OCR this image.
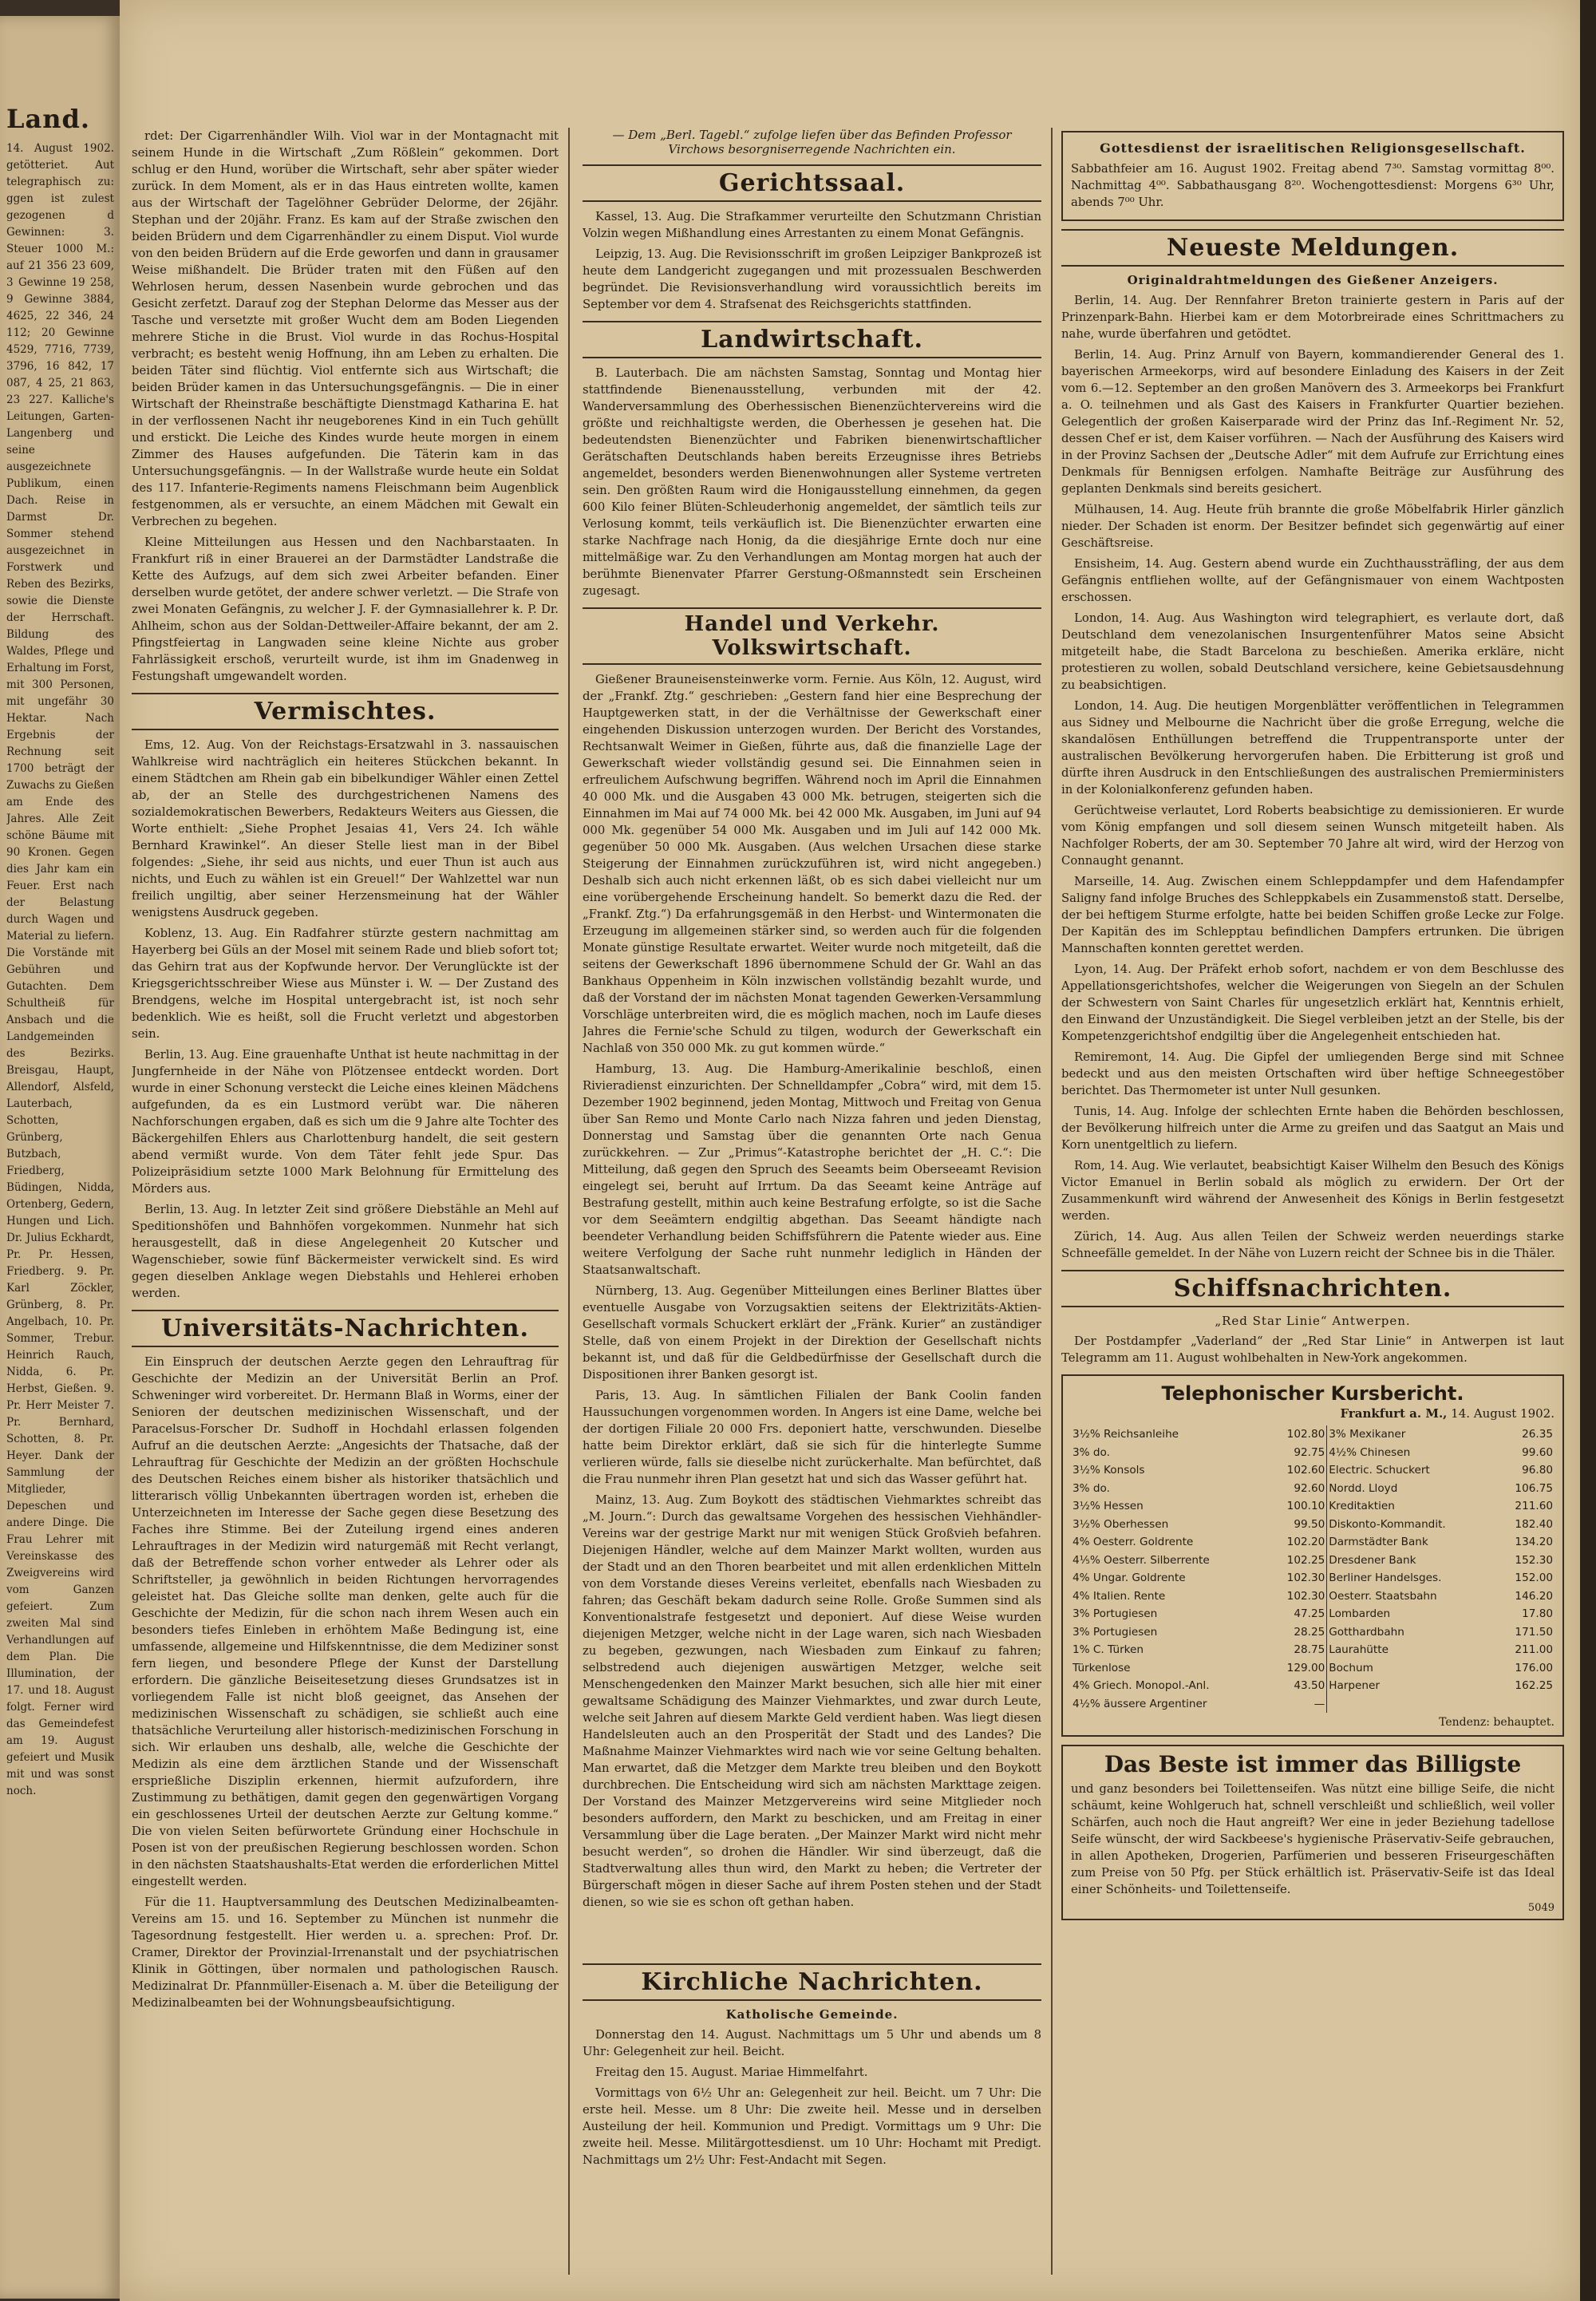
Land.

14. August 1902. getötteriet. Aut telegraphisch zu: ggen ist zulest gezogenen d Gewinnen: 3. Steuer 1000 M.: auf 21 356 23 609, 3 Gewinne 19 258, 9 Gewinne 3884, 4625, 22 346, 24 112; 20 Gewinne 4529, 7716, 7739, 3796, 16 842, 17 087, 4 25, 21 863, 23 227. Kalliche's Leitungen, Garten- Langenberg und seine ausgezeichnete Publikum, einen Dach. Reise in Darmst Dr. Sommer stehend ausgezeichnet in Forstwerk und Reben des Bezirks, sowie die Dienste der Herrschaft. Bildung des Waldes, Pflege und Erhaltung im Forst, mit 300 Personen, mit ungefähr 30 Hektar. Nach Ergebnis der Rechnung seit 1700 beträgt der Zuwachs zu Gießen am Ende des Jahres. Alle Zeit schöne Bäume mit 90 Kronen. Gegen dies Jahr kam ein Feuer. Erst nach der Belastung durch Wagen und Material zu liefern. Die Vorstände mit Gebühren und Gutachten. Dem Schultheiß für Ansbach und die Landgemeinden des Bezirks. Breisgau, Haupt, Allendorf, Alsfeld, Lauterbach, Schotten, Grünberg, Butzbach, Friedberg, Büdingen, Nidda, Ortenberg, Gedern, Hungen und Lich. Dr. Julius Eckhardt, Pr. Pr. Hessen, Friedberg. 9. Pr. Karl Zöckler, Grünberg, 8. Pr. Angelbach, 10. Pr. Sommer, Trebur. Heinrich Rauch, Nidda, 6. Pr. Herbst, Gießen. 9. Pr. Herr Meister 7. Pr. Bernhard, Schotten, 8. Pr. Heyer. Dank der Sammlung der Mitglieder, Depeschen und andere Dinge. Die Frau Lehrer mit Vereinskasse des Zweigvereins wird vom Ganzen gefeiert. Zum zweiten Mal sind Verhandlungen auf dem Plan. Die Illumination, der 17. und 18. August folgt. Ferner wird das Gemeindefest am 19. August gefeiert und Musik mit und was sonst noch.

rdet: Der Cigarrenhändler Wilh. Viol war in der Montagnacht mit seinem Hunde in die Wirtschaft „Zum Rößlein“ gekommen. Dort schlug er den Hund, worüber die Wirtschaft, sehr aber später wieder zurück. In dem Moment, als er in das Haus eintreten wollte, kamen aus der Wirtschaft der Tagelöhner Gebrüder Delorme, der 26jähr. Stephan und der 20jähr. Franz. Es kam auf der Straße zwischen den beiden Brüdern und dem Cigarrenhändler zu einem Disput. Viol wurde von den beiden Brüdern auf die Erde geworfen und dann in grausamer Weise mißhandelt. Die Brüder traten mit den Füßen auf den Wehrlosen herum, dessen Nasenbein wurde gebrochen und das Gesicht zerfetzt. Darauf zog der Stephan Delorme das Messer aus der Tasche und versetzte mit großer Wucht dem am Boden Liegenden mehrere Stiche in die Brust. Viol wurde in das Rochus-Hospital verbracht; es besteht wenig Hoffnung, ihn am Leben zu erhalten. Die beiden Täter sind flüchtig. Viol entfernte sich aus Wirtschaft; die beiden Brüder kamen in das Untersuchungsgefängnis. — Die in einer Wirtschaft der Rheinstraße beschäftigte Dienstmagd Katharina E. hat in der verflossenen Nacht ihr neugeborenes Kind in ein Tuch gehüllt und erstickt. Die Leiche des Kindes wurde heute morgen in einem Zimmer des Hauses aufgefunden. Die Täterin kam in das Untersuchungsgefängnis. — In der Wallstraße wurde heute ein Soldat des 117. Infanterie-Regiments namens Fleischmann beim Augenblick festgenommen, als er versuchte, an einem Mädchen mit Gewalt ein Verbrechen zu begehen.

Kleine Mitteilungen aus Hessen und den Nachbarstaaten. In Frankfurt riß in einer Brauerei an der Darmstädter Landstraße die Kette des Aufzugs, auf dem sich zwei Arbeiter befanden. Einer derselben wurde getötet, der andere schwer verletzt. — Die Strafe von zwei Monaten Gefängnis, zu welcher J. F. der Gymnasiallehrer k. P. Dr. Ahlheim, schon aus der Soldan-Dettweiler-Affaire bekannt, der am 2. Pfingstfeiertag in Langwaden seine kleine Nichte aus grober Fahrlässigkeit erschoß, verurteilt wurde, ist ihm im Gnadenweg in Festungshaft umgewandelt worden.

Vermischtes.

Ems, 12. Aug. Von der Reichstags-Ersatzwahl in 3. nassauischen Wahlkreise wird nachträglich ein heiteres Stückchen bekannt. In einem Städtchen am Rhein gab ein bibelkundiger Wähler einen Zettel ab, der an Stelle des durchgestrichenen Namens des sozialdemokratischen Bewerbers, Redakteurs Weiters aus Giessen, die Worte enthielt: „Siehe Prophet Jesaias 41, Vers 24. Ich wähle Bernhard Krawinkel“. An dieser Stelle liest man in der Bibel folgendes: „Siehe, ihr seid aus nichts, und euer Thun ist auch aus nichts, und Euch zu wählen ist ein Greuel!“ Der Wahlzettel war nun freilich ungiltig, aber seiner Herzensmeinung hat der Wähler wenigstens Ausdruck gegeben.

Koblenz, 13. Aug. Ein Radfahrer stürzte gestern nachmittag am Hayerberg bei Güls an der Mosel mit seinem Rade und blieb sofort tot; das Gehirn trat aus der Kopfwunde hervor. Der Verunglückte ist der Kriegsgerichtsschreiber Wiese aus Münster i. W. — Der Zustand des Brendgens, welche im Hospital untergebracht ist, ist noch sehr bedenklich. Wie es heißt, soll die Frucht verletzt und abgestorben sein.

Berlin, 13. Aug. Eine grauenhafte Unthat ist heute nachmittag in der Jungfernheide in der Nähe von Plötzensee entdeckt worden. Dort wurde in einer Schonung versteckt die Leiche eines kleinen Mädchens aufgefunden, da es ein Lustmord verübt war. Die näheren Nachforschungen ergaben, daß es sich um die 9 Jahre alte Tochter des Bäckergehilfen Ehlers aus Charlottenburg handelt, die seit gestern abend vermißt wurde. Von dem Täter fehlt jede Spur. Das Polizeipräsidium setzte 1000 Mark Belohnung für Ermittelung des Mörders aus.

Berlin, 13. Aug. In letzter Zeit sind größere Diebstähle an Mehl auf Speditionshöfen und Bahnhöfen vorgekommen. Nunmehr hat sich herausgestellt, daß in diese Angelegenheit 20 Kutscher und Wagenschieber, sowie fünf Bäckermeister verwickelt sind. Es wird gegen dieselben Anklage wegen Diebstahls und Hehlerei erhoben werden.

Universitäts-Nachrichten.

Ein Einspruch der deutschen Aerzte gegen den Lehrauftrag für Geschichte der Medizin an der Universität Berlin an Prof. Schweninger wird vorbereitet. Dr. Hermann Blaß in Worms, einer der Senioren der deutschen medizinischen Wissenschaft, und der Paracelsus-Forscher Dr. Sudhoff in Hochdahl erlassen folgenden Aufruf an die deutschen Aerzte: „Angesichts der Thatsache, daß der Lehrauftrag für Geschichte der Medizin an der größten Hochschule des Deutschen Reiches einem bisher als historiker thatsächlich und litterarisch völlig Unbekannten übertragen worden ist, erheben die Unterzeichneten im Interesse der Sache gegen diese Besetzung des Faches ihre Stimme. Bei der Zuteilung irgend eines anderen Lehrauftrages in der Medizin wird naturgemäß mit Recht verlangt, daß der Betreffende schon vorher entweder als Lehrer oder als Schriftsteller, ja gewöhnlich in beiden Richtungen hervorragendes geleistet hat. Das Gleiche sollte man denken, gelte auch für die Geschichte der Medizin, für die schon nach ihrem Wesen auch ein besonders tiefes Einleben in erhöhtem Maße Bedingung ist, eine umfassende, allgemeine und Hilfskenntnisse, die dem Mediziner sonst fern liegen, und besondere Pflege der Kunst der Darstellung erfordern. Die gänzliche Beiseitesetzung dieses Grundsatzes ist in vorliegendem Falle ist nicht bloß geeignet, das Ansehen der medizinischen Wissenschaft zu schädigen, sie schließt auch eine thatsächliche Verurteilung aller historisch-medizinischen Forschung in sich. Wir erlauben uns deshalb, alle, welche die Geschichte der Medizin als eine dem ärztlichen Stande und der Wissenschaft ersprießliche Disziplin erkennen, hiermit aufzufordern, ihre Zustimmung zu bethätigen, damit gegen den gegenwärtigen Vorgang ein geschlossenes Urteil der deutschen Aerzte zur Geltung komme.“ Die von vielen Seiten befürwortete Gründung einer Hochschule in Posen ist von der preußischen Regierung beschlossen worden. Schon in den nächsten Staatshaushalts-Etat werden die erforderlichen Mittel eingestellt werden.

Für die 11. Hauptversammlung des Deutschen Medizinalbeamten-Vereins am 15. und 16. September zu München ist nunmehr die Tagesordnung festgestellt. Hier werden u. a. sprechen: Prof. Dr. Cramer, Direktor der Provinzial-Irrenanstalt und der psychiatrischen Klinik in Göttingen, über normalen und pathologischen Rausch. Medizinalrat Dr. Pfannmüller-Eisenach a. M. über die Beteiligung der Medizinalbeamten bei der Wohnungsbeaufsichtigung.

— Dem „Berl. Tagebl.“ zufolge liefen über das Befinden Professor Virchows besorgniserregende Nachrichten ein.
Gerichtssaal.

Kassel, 13. Aug. Die Strafkammer verurteilte den Schutzmann Christian Volzin wegen Mißhandlung eines Arrestanten zu einem Monat Gefängnis.

Leipzig, 13. Aug. Die Revisionsschrift im großen Leipziger Bankprozeß ist heute dem Landgericht zugegangen und mit prozessualen Beschwerden begründet. Die Revisionsverhandlung wird voraussichtlich bereits im September vor dem 4. Strafsenat des Reichsgerichts stattfinden.

Landwirtschaft.

B. Lauterbach. Die am nächsten Samstag, Sonntag und Montag hier stattfindende Bienenausstellung, verbunden mit der 42. Wanderversammlung des Oberhessischen Bienenzüchtervereins wird die größte und reichhaltigste werden, die Oberhessen je gesehen hat. Die bedeutendsten Bienenzüchter und Fabriken bienenwirtschaftlicher Gerätschaften Deutschlands haben bereits Erzeugnisse ihres Betriebs angemeldet, besonders werden Bienenwohnungen aller Systeme vertreten sein. Den größten Raum wird die Honigausstellung einnehmen, da gegen 600 Kilo feiner Blüten-Schleuderhonig angemeldet, der sämtlich teils zur Verlosung kommt, teils verkäuflich ist. Die Bienenzüchter erwarten eine starke Nachfrage nach Honig, da die diesjährige Ernte doch nur eine mittelmäßige war. Zu den Verhandlungen am Montag morgen hat auch der berühmte Bienenvater Pfarrer Gerstung-Oßmannstedt sein Erscheinen zugesagt.

Handel und Verkehr. Volkswirtschaft.

Gießener Brauneisensteinwerke vorm. Fernie. Aus Köln, 12. August, wird der „Frankf. Ztg.“ geschrieben: „Gestern fand hier eine Besprechung der Hauptgewerken statt, in der die Verhältnisse der Gewerkschaft einer eingehenden Diskussion unterzogen wurden. Der Bericht des Vorstandes, Rechtsanwalt Weimer in Gießen, führte aus, daß die finanzielle Lage der Gewerkschaft wieder vollständig gesund sei. Die Einnahmen seien in erfreulichem Aufschwung begriffen. Während noch im April die Einnahmen 40 000 Mk. und die Ausgaben 43 000 Mk. betrugen, steigerten sich die Einnahmen im Mai auf 74 000 Mk. bei 42 000 Mk. Ausgaben, im Juni auf 94 000 Mk. gegenüber 54 000 Mk. Ausgaben und im Juli auf 142 000 Mk. gegenüber 50 000 Mk. Ausgaben. (Aus welchen Ursachen diese starke Steigerung der Einnahmen zurückzuführen ist, wird nicht angegeben.) Deshalb sich auch nicht erkennen läßt, ob es sich dabei vielleicht nur um eine vorübergehende Erscheinung handelt. So bemerkt dazu die Red. der „Frankf. Ztg.“) Da erfahrungsgemäß in den Herbst- und Wintermonaten die Erzeugung im allgemeinen stärker sind, so werden auch für die folgenden Monate günstige Resultate erwartet. Weiter wurde noch mitgeteilt, daß die seitens der Gewerkschaft 1896 übernommene Schuld der Gr. Wahl an das Bankhaus Oppenheim in Köln inzwischen vollständig bezahlt wurde, und daß der Vorstand der im nächsten Monat tagenden Gewerken-Versammlung Vorschläge unterbreiten wird, die es möglich machen, noch im Laufe dieses Jahres die Fernie'sche Schuld zu tilgen, wodurch der Gewerkschaft ein Nachlaß von 350 000 Mk. zu gut kommen würde.“

Hamburg, 13. Aug. Die Hamburg-Amerikalinie beschloß, einen Rivieradienst einzurichten. Der Schnelldampfer „Cobra“ wird, mit dem 15. Dezember 1902 beginnend, jeden Montag, Mittwoch und Freitag von Genua über San Remo und Monte Carlo nach Nizza fahren und jeden Dienstag, Donnerstag und Samstag über die genannten Orte nach Genua zurückkehren. — Zur „Primus“-Katastrophe berichtet der „H. C.“: Die Mitteilung, daß gegen den Spruch des Seeamts beim Oberseeamt Revision eingelegt sei, beruht auf Irrtum. Da das Seeamt keine Anträge auf Bestrafung gestellt, mithin auch keine Bestrafung erfolgte, so ist die Sache vor dem Seeämtern endgiltig abgethan. Das Seeamt händigte nach beendeter Verhandlung beiden Schiffsführern die Patente wieder aus. Eine weitere Verfolgung der Sache ruht nunmehr lediglich in Händen der Staatsanwaltschaft.

Nürnberg, 13. Aug. Gegenüber Mitteilungen eines Berliner Blattes über eventuelle Ausgabe von Vorzugsaktien seitens der Elektrizitäts-Aktien-Gesellschaft vormals Schuckert erklärt der „Fränk. Kurier“ an zuständiger Stelle, daß von einem Projekt in der Direktion der Gesellschaft nichts bekannt ist, und daß für die Geldbedürfnisse der Gesellschaft durch die Dispositionen ihrer Banken gesorgt ist.

Paris, 13. Aug. In sämtlichen Filialen der Bank Coolin fanden Haussuchungen vorgenommen worden. In Angers ist eine Dame, welche bei der dortigen Filiale 20 000 Frs. deponiert hatte, verschwunden. Dieselbe hatte beim Direktor erklärt, daß sie sich für die hinterlegte Summe verlieren würde, falls sie dieselbe nicht zurückerhalte. Man befürchtet, daß die Frau nunmehr ihren Plan gesetzt hat und sich das Wasser geführt hat.

Mainz, 13. Aug. Zum Boykott des städtischen Viehmarktes schreibt das „M. Journ.“: Durch das gewaltsame Vorgehen des hessischen Viehhändler-Vereins war der gestrige Markt nur mit wenigen Stück Großvieh befahren. Diejenigen Händler, welche auf dem Mainzer Markt wollten, wurden aus der Stadt und an den Thoren bearbeitet und mit allen erdenklichen Mitteln von dem Vorstande dieses Vereins verleitet, ebenfalls nach Wiesbaden zu fahren; das Geschäft bekam dadurch seine Rolle. Große Summen sind als Konventionalstrafe festgesetzt und deponiert. Auf diese Weise wurden diejenigen Metzger, welche nicht in der Lage waren, sich nach Wiesbaden zu begeben, gezwungen, nach Wiesbaden zum Einkauf zu fahren; selbstredend auch diejenigen auswärtigen Metzger, welche seit Menschengedenken den Mainzer Markt besuchen, sich alle hier mit einer gewaltsame Schädigung des Mainzer Viehmarktes, und zwar durch Leute, welche seit Jahren auf diesem Markte Geld verdient haben. Was liegt diesen Handelsleuten auch an den Prosperität der Stadt und des Landes? Die Maßnahme Mainzer Viehmarktes wird nach wie vor seine Geltung behalten. Man erwartet, daß die Metzger dem Markte treu bleiben und den Boykott durchbrechen. Die Entscheidung wird sich am nächsten Markttage zeigen. Der Vorstand des Mainzer Metzgervereins wird seine Mitglieder noch besonders auffordern, den Markt zu beschicken, und am Freitag in einer Versammlung über die Lage beraten. „Der Mainzer Markt wird nicht mehr besucht werden“, so drohen die Händler. Wir sind überzeugt, daß die Stadtverwaltung alles thun wird, den Markt zu heben; die Vertreter der Bürgerschaft mögen in dieser Sache auf ihrem Posten stehen und der Stadt dienen, so wie sie es schon oft gethan haben.

Kirchliche Nachrichten.
Katholische Gemeinde.

Donnerstag den 14. August. Nachmittags um 5 Uhr und abends um 8 Uhr: Gelegenheit zur heil. Beicht.

Freitag den 15. August. Mariae Himmelfahrt.

Vormittags von 6½ Uhr an: Gelegenheit zur heil. Beicht. um 7 Uhr: Die erste heil. Messe. um 8 Uhr: Die zweite heil. Messe und in derselben Austeilung der heil. Kommunion und Predigt. Vormittags um 9 Uhr: Die zweite heil. Messe. Militärgottesdienst. um 10 Uhr: Hochamt mit Predigt. Nachmittags um 2½ Uhr: Fest-Andacht mit Segen.

Gottesdienst der israelitischen Religionsgesellschaft.

Sabbathfeier am 16. August 1902. Freitag abend 7³⁰. Samstag vormittag 8⁰⁰. Nachmittag 4⁰⁰. Sabbathausgang 8²⁰. Wochengottesdienst: Morgens 6³⁰ Uhr, abends 7⁰⁰ Uhr.

Neueste Meldungen.
Originaldrahtmeldungen des Gießener Anzeigers.

Berlin, 14. Aug. Der Rennfahrer Breton trainierte gestern in Paris auf der Prinzenpark-Bahn. Hierbei kam er dem Motorbreirade eines Schrittmachers zu nahe, wurde überfahren und getödtet.

Berlin, 14. Aug. Prinz Arnulf von Bayern, kommandierender General des 1. bayerischen Armeekorps, wird auf besondere Einladung des Kaisers in der Zeit vom 6.—12. September an den großen Manövern des 3. Armeekorps bei Frankfurt a. O. teilnehmen und als Gast des Kaisers in Frankfurter Quartier beziehen. Gelegentlich der großen Kaiserparade wird der Prinz das Inf.-Regiment Nr. 52, dessen Chef er ist, dem Kaiser vorführen. — Nach der Ausführung des Kaisers wird in der Provinz Sachsen der „Deutsche Adler“ mit dem Aufrufe zur Errichtung eines Denkmals für Bennigsen erfolgen. Namhafte Beiträge zur Ausführung des geplanten Denkmals sind bereits gesichert.

Mülhausen, 14. Aug. Heute früh brannte die große Möbelfabrik Hirler gänzlich nieder. Der Schaden ist enorm. Der Besitzer befindet sich gegenwärtig auf einer Geschäftsreise.

Ensisheim, 14. Aug. Gestern abend wurde ein Zuchthaussträfling, der aus dem Gefängnis entfliehen wollte, auf der Gefängnismauer von einem Wachtposten erschossen.

London, 14. Aug. Aus Washington wird telegraphiert, es verlaute dort, daß Deutschland dem venezolanischen Insurgentenführer Matos seine Absicht mitgeteilt habe, die Stadt Barcelona zu beschießen. Amerika erkläre, nicht protestieren zu wollen, sobald Deutschland versichere, keine Gebietsausdehnung zu beabsichtigen.

London, 14. Aug. Die heutigen Morgenblätter veröffentlichen in Telegrammen aus Sidney und Melbourne die Nachricht über die große Erregung, welche die skandalösen Enthüllungen betreffend die Truppentransporte unter der australischen Bevölkerung hervorgerufen haben. Die Erbitterung ist groß und dürfte ihren Ausdruck in den Entschließungen des australischen Premierministers in der Kolonialkonferenz gefunden haben.

Gerüchtweise verlautet, Lord Roberts beabsichtige zu demissionieren. Er wurde vom König empfangen und soll diesem seinen Wunsch mitgeteilt haben. Als Nachfolger Roberts, der am 30. September 70 Jahre alt wird, wird der Herzog von Connaught genannt.

Marseille, 14. Aug. Zwischen einem Schleppdampfer und dem Hafendampfer Saligny fand infolge Bruches des Schleppkabels ein Zusammenstoß statt. Derselbe, der bei heftigem Sturme erfolgte, hatte bei beiden Schiffen große Lecke zur Folge. Der Kapitän des im Schlepptau befindlichen Dampfers ertrunken. Die übrigen Mannschaften konnten gerettet werden.

Lyon, 14. Aug. Der Präfekt erhob sofort, nachdem er von dem Beschlusse des Appellationsgerichtshofes, welcher die Weigerungen von Siegeln an der Schulen der Schwestern von Saint Charles für ungesetzlich erklärt hat, Kenntnis erhielt, den Einwand der Unzuständigkeit. Die Siegel verbleiben jetzt an der Stelle, bis der Kompetenzgerichtshof endgiltig über die Angelegenheit entschieden hat.

Remiremont, 14. Aug. Die Gipfel der umliegenden Berge sind mit Schnee bedeckt und aus den meisten Ortschaften wird über heftige Schneegestöber berichtet. Das Thermometer ist unter Null gesunken.

Tunis, 14. Aug. Infolge der schlechten Ernte haben die Behörden beschlossen, der Bevölkerung hilfreich unter die Arme zu greifen und das Saatgut an Mais und Korn unentgeltlich zu liefern.

Rom, 14. Aug. Wie verlautet, beabsichtigt Kaiser Wilhelm den Besuch des Königs Victor Emanuel in Berlin sobald als möglich zu erwidern. Der Ort der Zusammenkunft wird während der Anwesenheit des Königs in Berlin festgesetzt werden.

Zürich, 14. Aug. Aus allen Teilen der Schweiz werden neuerdings starke Schneefälle gemeldet. In der Nähe von Luzern reicht der Schnee bis in die Thäler.

Schiffsnachrichten.
„Red Star Linie“ Antwerpen.

Der Postdampfer „Vaderland“ der „Red Star Linie“ in Antwerpen ist laut Telegramm am 11. August wohlbehalten in New-York angekommen.

Telephonischer Kursbericht.
Frankfurt a. M., 14. August 1902.
3½% Reichsanleihe	102.80	3% Mexikaner	26.35
3% do.	92.75	4½% Chinesen	99.60
3½% Konsols	102.60	Electric. Schuckert	96.80
3% do.	92.60	Nordd. Lloyd	106.75
3½% Hessen	100.10	Kreditaktien	211.60
3½% Oberhessen	99.50	Diskonto-Kommandit.	182.40
4% Oesterr. Goldrente	102.20	Darmstädter Bank	134.20
4⅕% Oesterr. Silberrente	102.25	Dresdener Bank	152.30
4% Ungar. Goldrente	102.30	Berliner Handelsges.	152.00
4% Italien. Rente	102.30	Oesterr. Staatsbahn	146.20
3% Portugiesen	47.25	Lombarden	17.80
3% Portugiesen	28.25	Gotthardbahn	171.50
1% C. Türken	28.75	Laurahütte	211.00
Türkenlose	129.00	Bochum	176.00
4% Griech. Monopol.-Anl.	43.50	Harpener	162.25
4½% äussere Argentiner	—		
Tendenz: behauptet.
Das Beste ist immer das Billigste

und ganz besonders bei Toilettenseifen. Was nützt eine billige Seife, die nicht schäumt, keine Wohlgeruch hat, schnell verschleißt und schließlich, weil voller Schärfen, auch noch die Haut angreift? Wer eine in jeder Beziehung tadellose Seife wünscht, der wird Sackbeese's hygienische Präservativ-Seife gebrauchen, in allen Apotheken, Drogerien, Parfümerien und besseren Friseurgeschäften zum Preise von 50 Pfg. per Stück erhältlich ist. Präservativ-Seife ist das Ideal einer Schönheits- und Toilettenseife.

5049
